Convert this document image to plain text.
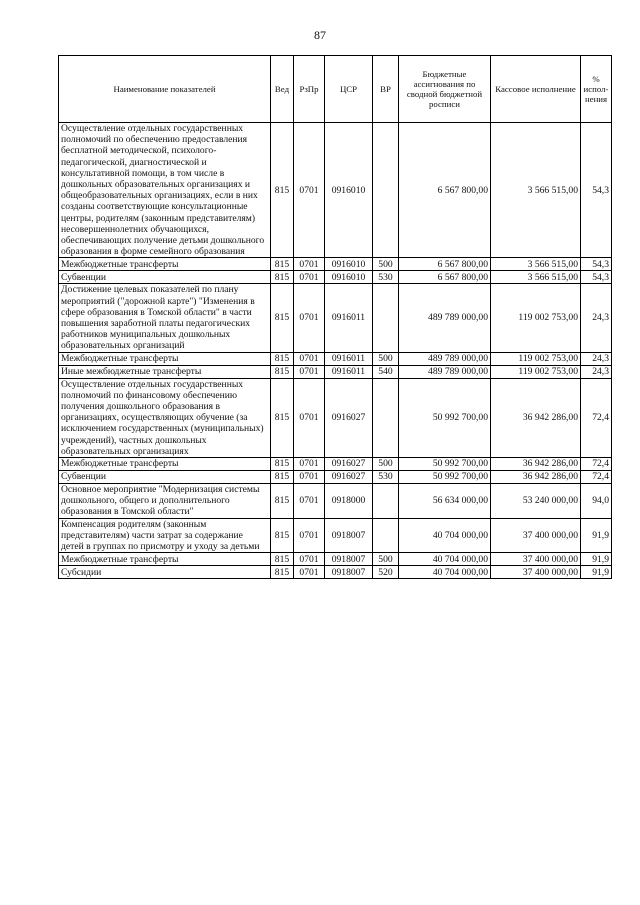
87
Наименование показателей	Вед	РзПр	ЦСР	ВР	Бюджетные ассигнования по сводной бюджетной росписи	Кассовое исполнение	% испол-нения
Осуществление отдельных государственных полномочий по обеспечению предоставления бесплатной методической, психолого-педагогической, диагностической и консультативной помощи, в том числе в дошкольных образовательных организациях и общеобразовательных организациях, если в них созданы соответствующие консультационные центры, родителям (законным представителям) несовершеннолетних обучающихся, обеспечивающих получение детьми дошкольного образования в форме семейного образования	815	0701	0916010		6 567 800,00	3 566 515,00	54,3
Межбюджетные трансферты	815	0701	0916010	500	6 567 800,00	3 566 515,00	54,3
Субвенции	815	0701	0916010	530	6 567 800,00	3 566 515,00	54,3
Достижение целевых показателей по плану мероприятий ("дорожной карте") "Изменения в сфере образования в Томской области" в части повышения заработной платы педагогических работников муниципальных дошкольных образовательных организаций	815	0701	0916011		489 789 000,00	119 002 753,00	24,3
Межбюджетные трансферты	815	0701	0916011	500	489 789 000,00	119 002 753,00	24,3
Иные межбюджетные трансферты	815	0701	0916011	540	489 789 000,00	119 002 753,00	24,3
Осуществление отдельных государственных полномочий по финансовому обеспечению получения дошкольного образования в организациях, осуществляющих обучение (за исключением государственных (муниципальных) учреждений), частных дошкольных образовательных организациях	815	0701	0916027		50 992 700,00	36 942 286,00	72,4
Межбюджетные трансферты	815	0701	0916027	500	50 992 700,00	36 942 286,00	72,4
Субвенции	815	0701	0916027	530	50 992 700,00	36 942 286,00	72,4
Основное мероприятие "Модернизация системы дошкольного, общего и дополнительного образования в Томской области"	815	0701	0918000		56 634 000,00	53 240 000,00	94,0
Компенсация родителям (законным представителям) части затрат за содержание детей в группах по присмотру и уходу за детьми	815	0701	0918007		40 704 000,00	37 400 000,00	91,9
Межбюджетные трансферты	815	0701	0918007	500	40 704 000,00	37 400 000,00	91,9
Субсидии	815	0701	0918007	520	40 704 000,00	37 400 000,00	91,9
